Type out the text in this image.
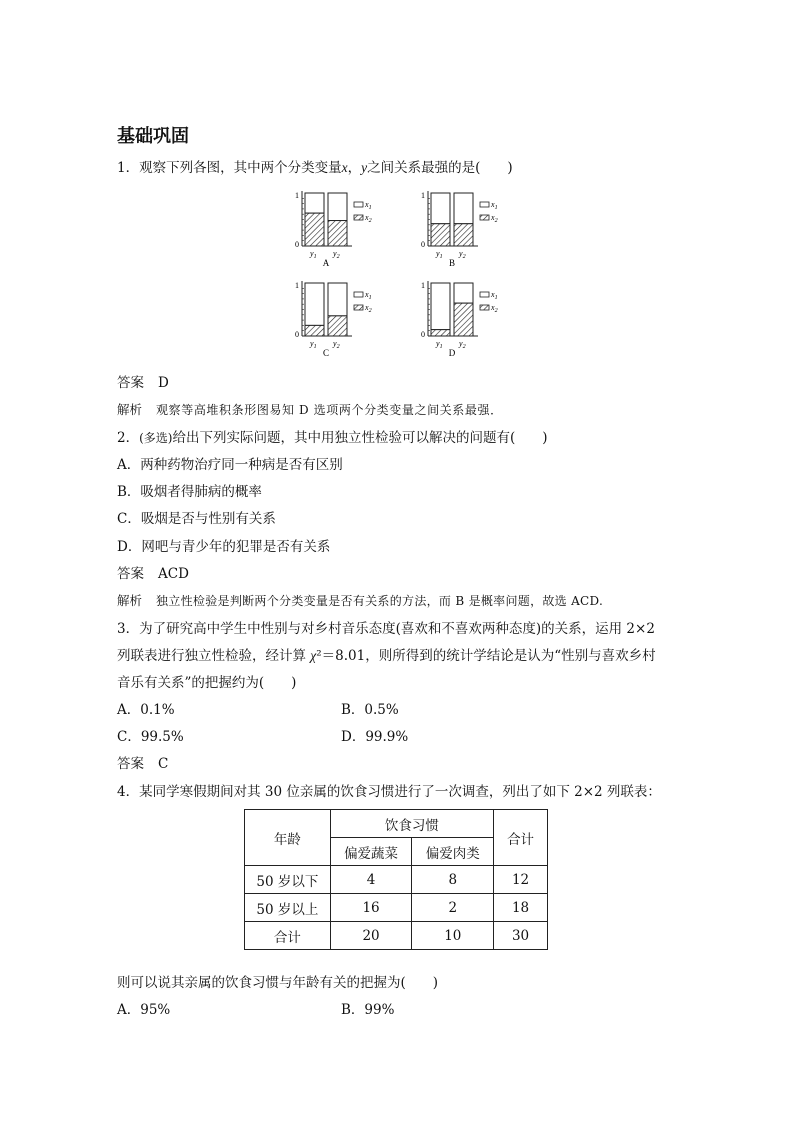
基础巩固
1．观察下列各图，其中两个分类变量x，y之间关系最强的是(　　)
1
0
$y_1$ $y_2$
$x_1$
$x_2$
A
1
0
$y_1$ $y_2$
$x_1$
$x_2$
B
1
0
$y_1$ $y_2$
$x_1$
$x_2$
C
1
0
$y_1$ $y_2$
$x_1$
$x_2$
D
答案 D
解析 观察等高堆积条形图易知 D 选项两个分类变量之间关系最强．
2．(多选)给出下列实际问题，其中用独立性检验可以解决的问题有(　　)
A．两种药物治疗同一种病是否有区别
B．吸烟者得肺病的概率
C．吸烟是否与性别有关系
D．网吧与青少年的犯罪是否有关系
答案 ACD
解析 独立性检验是判断两个分类变量是否有关系的方法，而 B 是概率问题，故选 ACD.
3．为了研究高中学生中性别与对乡村音乐态度(喜欢和不喜欢两种态度)的关系，运用 2×2
列联表进行独立性检验，经计算 χ²＝8.01，则所得到的统计学结论是认为“性别与喜欢乡村
音乐有关系”的把握约为(　　)
A．0.1%	B．0.5%
C．99.5%	D．99.9%
答案 C
4．某同学寒假期间对其 30 位亲属的饮食习惯进行了一次调查，列出了如下 2×2 列联表：
年龄	饮食习惯		合计
	偏爱蔬菜	偏爱肉类	
50 岁以下	4	8	12
50 岁以上	16	2	18
合计	20	10	30
则可以说其亲属的饮食习惯与年龄有关的把握为(　　)
A．95%	B．99%
